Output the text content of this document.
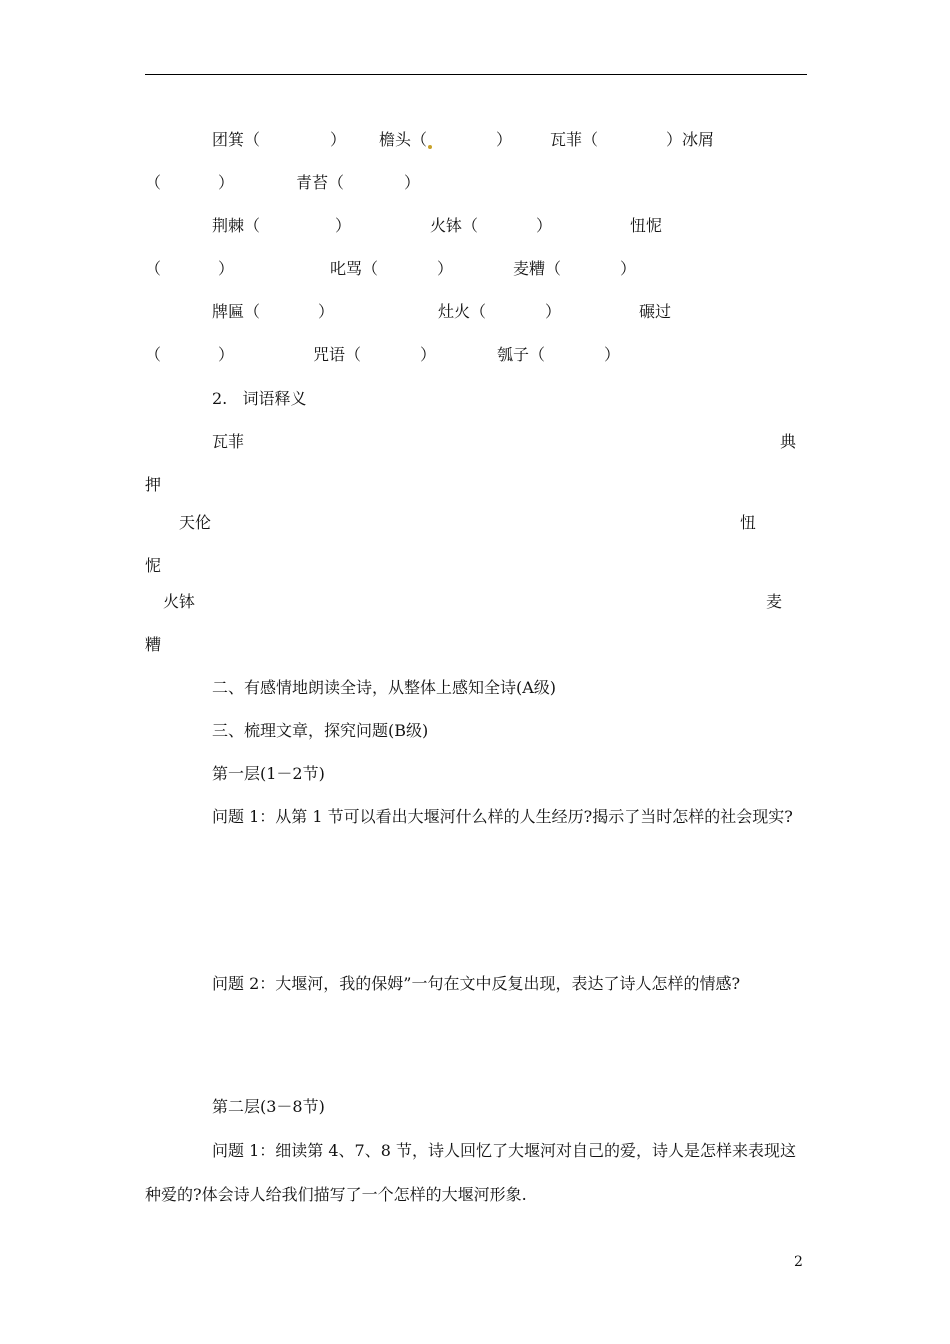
团箕（	） 檐头（	） 瓦菲（	）冰屑
（	）	青苔（	）
荆棘（	）	火钵（	）	忸怩
（	）	叱骂（	）	麦糟（	）
牌匾（	）	灶火（	）	碾过
（	）	咒语（	）	瓠子（	）
2.   词语释义
瓦菲	典
押
天伦	忸
怩
火钵	麦
糟
二、有感情地朗读全诗，从整体上感知全诗(A级)
三、梳理文章，探究问题(B级)
第一层(1－2节)
问题 1：从第 1 节可以看出大堰河什么样的人生经历?揭示了当时怎样的社会现实?
问题 2：大堰河，我的保姆”一句在文中反复出现，表达了诗人怎样的情感?
第二层(3－8节)
问题 1：细读第 4、7、8 节，诗人回忆了大堰河对自己的爱，诗人是怎样来表现这
种爱的?体会诗人给我们描写了一个怎样的大堰河形象.
2
